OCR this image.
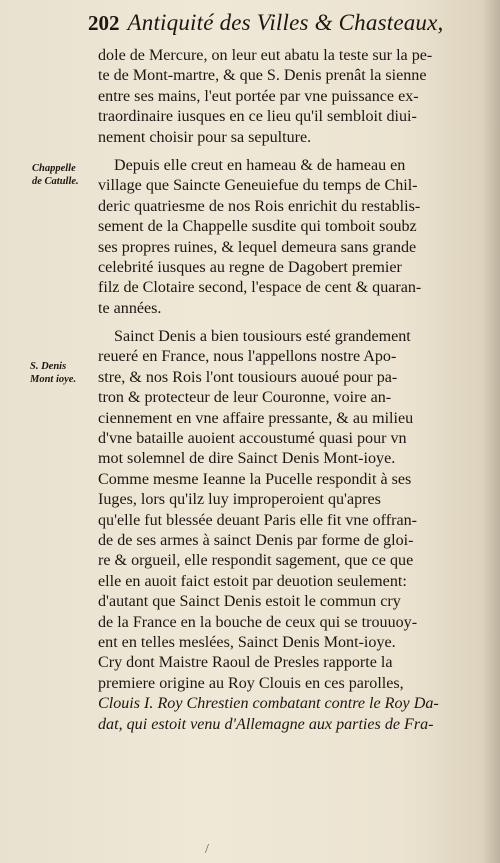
202 Antiquité des Villes & Chasteaux,
Chappelle
de Catulle.
S. Denis
Mont ioye.
dole de Mercure, on leur eut abatu la teste sur la pe-
te de Mont-martre, & que S. Denis prenât la sienne
entre ses mains, l'eut portée par vne puissance ex-
traordinaire iusques en ce lieu qu'il sembloit diui-
nement choisir pour sa sepulture.
Depuis elle creut en hameau & de hameau en
village que Saincte Geneuiefue du temps de Chil-
deric quatriesme de nos Rois enrichit du restablis-
sement de la Chappelle susdite qui tomboit soubz
ses propres ruines, & lequel demeura sans grande
celebrité iusques au regne de Dagobert premier
filz de Clotaire second, l'espace de cent & quaran-
te années.
Sainct Denis a bien tousiours esté grandement
reueré en France, nous l'appellons nostre Apo-
stre, & nos Rois l'ont tousiours auoué pour pa-
tron & protecteur de leur Couronne, voire an-
ciennement en vne affaire pressante, & au milieu
d'vne bataille auoient accoustumé quasi pour vn
mot solemnel de dire Sainct Denis Mont-ioye.
Comme mesme Ieanne la Pucelle respondit à ses
Iuges, lors qu'ilz luy improperoient qu'apres
qu'elle fut blessée deuant Paris elle fit vne offran-
de de ses armes à sainct Denis par forme de gloi-
re & orgueil, elle respondit sagement, que ce que
elle en auoit faict estoit par deuotion seulement:
d'autant que Sainct Denis estoit le commun cry
de la France en la bouche de ceux qui se trouuoy-
ent en telles meslées, Sainct Denis Mont-ioye.
Cry dont Maistre Raoul de Presles rapporte la
premiere origine au Roy Clouis en ces parolles,
Clouis I. Roy Chrestien combatant contre le Roy Da-
dat, qui estoit venu d'Allemagne aux parties de Fra-
/
